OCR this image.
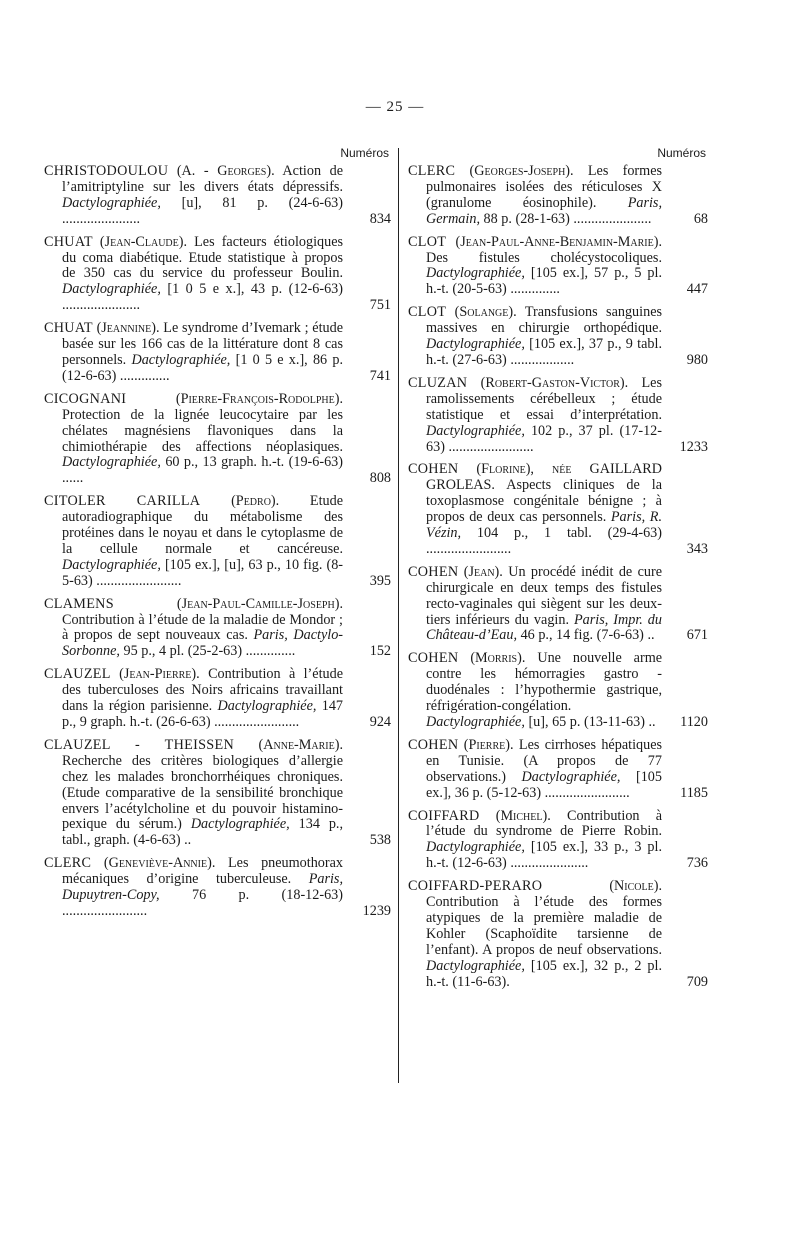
— 25 —
Numéros
CHRISTODOULOU (A. - Georges). Action de l’amitriptyline sur les divers états dépressifs. Dactylographiée, [u], 81 p. (24-6-63) ......................	834
CHUAT (Jean-Claude). Les facteurs étiologiques du coma diabétique. Etude statistique à propos de 350 cas du service du professeur Boulin. Dactylographiée, [1 0 5 e x.], 43 p. (12-6-63) ......................	751
CHUAT (Jeannine). Le syndrome d’Ivemark ; étude basée sur les 166 cas de la littérature dont 8 cas personnels. Dactylographiée, [1 0 5 e x.], 86 p. (12-6-63) ..............	741
CICOGNANI	(Pierre-François-Rodolphe). Protection de la lignée leucocytaire par les chélates magnésiens flavoniques dans la chimiothérapie des affections néoplasiques. Dactylographiée, 60 p., 13 graph. h.-t. (19-6-63) ......	808
CITOLER CARILLA (Pedro). Etude autoradiographique du métabolisme des protéines dans le noyau et dans le cytoplasme de la cellule normale et cancéreuse. Dactylographiée, [105 ex.], [u], 63 p., 10 fig. (8-5-63) ........................	395
CLAMENS	(Jean-Paul-Camille-Joseph). Contribution à l’étude de la maladie de Mondor ; à propos de sept nouveaux cas. Paris, Dactylo-Sorbonne, 95 p., 4 pl. (25-2-63) ..............	152
CLAUZEL (Jean-Pierre). Contribution à l’étude des tuberculoses des Noirs africains travaillant dans la région parisienne. Dactylographiée, 147 p., 9 graph. h.-t. (26-6-63) ........................	924
CLAUZEL - THEISSEN (Anne-Marie). Recherche des critères biologiques d’allergie chez les malades bronchorrhéiques chroniques. (Etude comparative de la sensibilité bronchique envers l’acétylcholine et du pouvoir histamino-pexique du sérum.) Dactylographiée, 134 p., tabl., graph. (4-6-63) ..	538
CLERC (Geneviève-Annie). Les pneumothorax mécaniques d’origine tuberculeuse. Paris, Dupuytren-Copy, 76 p. (18-12-63) ........................	1239
Numéros
CLERC (Georges-Joseph). Les formes pulmonaires isolées des réticuloses X (granulome éosinophile). Paris, Germain, 88 p. (28-1-63) ......................	68
CLOT (Jean-Paul-Anne-Benjamin-Marie). Des fistules cholécystocoliques. Dactylographiée, [105 ex.], 57 p., 5 pl. h.-t. (20-5-63) ..............	447
CLOT (Solange). Transfusions sanguines massives en chirurgie orthopédique. Dactylographiée, [105 ex.], 37 p., 9 tabl. h.-t. (27-6-63) ..................	980
CLUZAN (Robert-Gaston-Victor). Les ramolissements cérébelleux ; étude statistique et essai d’interprétation. Dactylographiée, 102 p., 37 pl. (17-12-63) ........................	1233
COHEN (Florine), née GAILLARD GROLEAS. Aspects cliniques de la toxoplasmose congénitale bénigne ; à propos de deux cas personnels. Paris, R. Vézin, 104 p., 1 tabl. (29-4-63) ........................	343
COHEN (Jean). Un procédé inédit de cure chirurgicale en deux temps des fistules recto-vaginales qui siègent sur les deux-tiers inférieurs du vagin. Paris, Impr. du Château-d’Eau, 46 p., 14 fig. (7-6-63) ..	671
COHEN (Morris). Une nouvelle arme contre les hémorragies gastro - duodénales : l’hypothermie gastrique, réfrigération-congélation. Dactylographiée, [u], 65 p. (13-11-63) ..	1120
COHEN (Pierre). Les cirrhoses hépatiques en Tunisie. (A propos de 77 observations.) Dactylographiée, [105 ex.], 36 p. (5-12-63) ........................	1185
COIFFARD (Michel). Contribution à l’étude du syndrome de Pierre Robin. Dactylographiée, [105 ex.], 33 p., 3 pl. h.-t. (12-6-63) ......................	736
COIFFARD-PERARO	(Nicole). Contribution à l’étude des formes atypiques de la première maladie de Kohler (Scaphoïdite tarsienne de l’enfant). A propos de neuf observations. Dactylographiée, [105 ex.], 32 p., 2 pl. h.-t. (11-6-63).	709
